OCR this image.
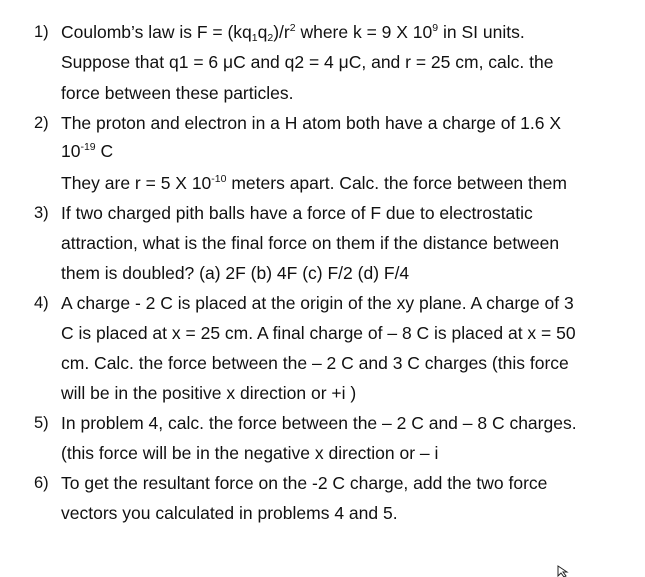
1) Coulomb’s law is $F = (kq_1q_2)/r^2$ where k = 9 X $10^9$ in SI units.
Suppose that q1 = 6 μC and q2 = 4 μC, and r = 25 cm, calc. the
force between these particles.
2) The proton and electron in a H atom both have a charge of 1.6 X
$10^{-19}$ C
They are r = 5 X $10^{-10}$ meters apart. Calc. the force between them
3) If two charged pith balls have a force of F due to electrostatic
attraction, what is the final force on them if the distance between
them is doubled? (a) 2F (b) 4F (c) F/2 (d) F/4
4) A charge - 2 C is placed at the origin of the xy plane. A charge of 3
C is placed at x = 25 cm. A final charge of – 8 C is placed at x = 50
cm. Calc. the force between the – 2 C and 3 C charges (this force
will be in the positive x direction or +i )
5) In problem 4, calc. the force between the – 2 C and – 8 C charges.
(this force will be in the negative x direction or – i
6) To get the resultant force on the -2 C charge, add the two force
vectors you calculated in problems 4 and 5.
